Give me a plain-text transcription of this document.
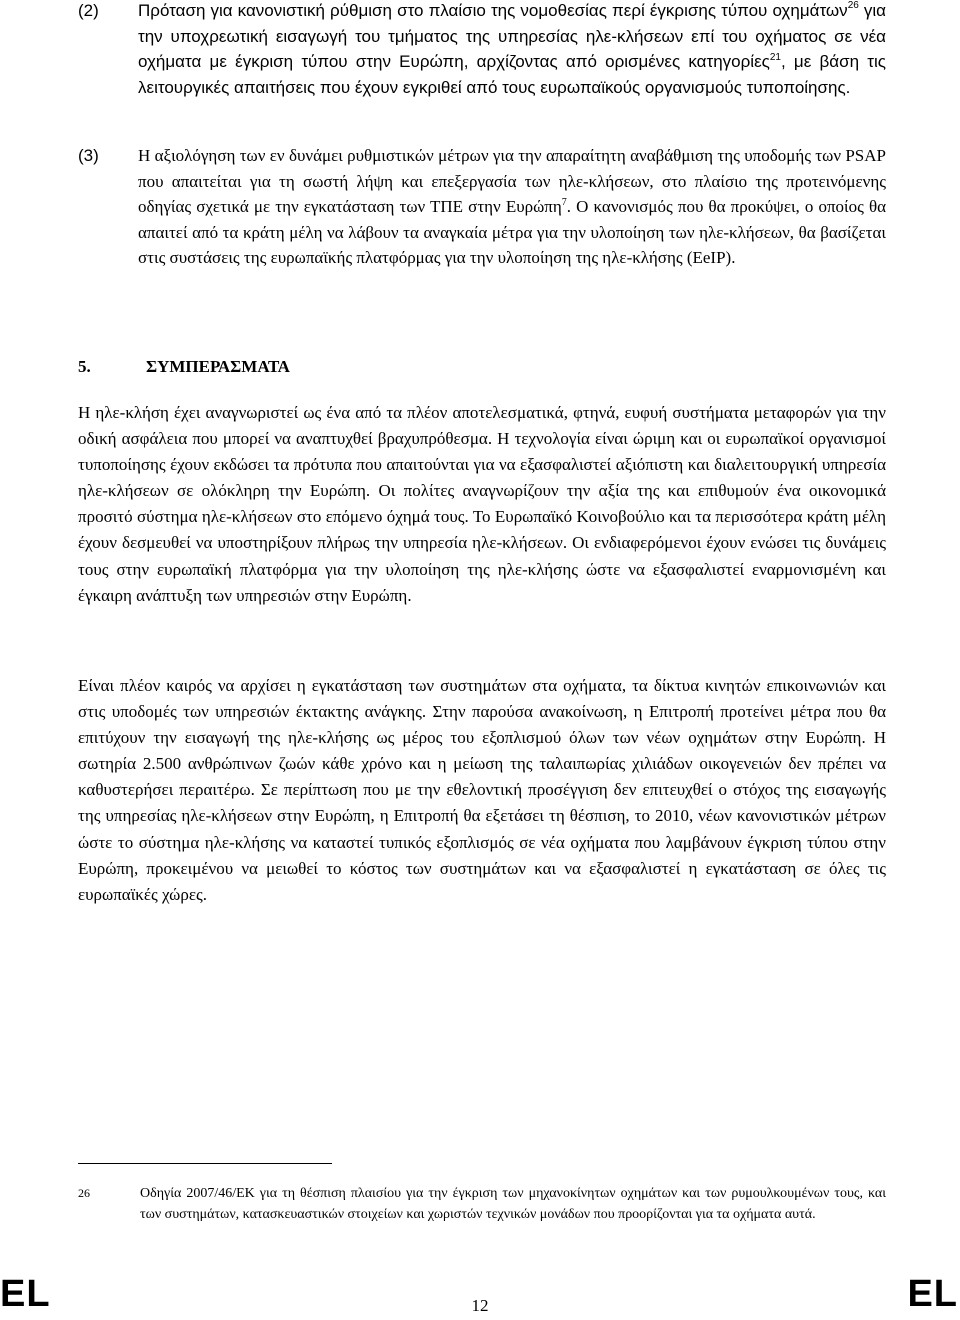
(2) Πρόταση για κανονιστική ρύθμιση στο πλαίσιο της νομοθεσίας περί έγκρισης τύπου οχημάτων$^{26}$ για την υποχρεωτική εισαγωγή του τμήματος της υπηρεσίας ηλε-κλήσεων επί του οχήματος σε νέα οχήματα με έγκριση τύπου στην Ευρώπη, αρχίζοντας από ορισμένες κατηγορίες$^{21}$, με βάση τις λειτουργικές απαιτήσεις που έχουν εγκριθεί από τους ευρωπαϊκούς οργανισμούς τυποποίησης.
(3) Η αξιολόγηση των εν δυνάμει ρυθμιστικών μέτρων για την απαραίτητη αναβάθμιση της υποδομής των PSAP που απαιτείται για τη σωστή λήψη και επεξεργασία των ηλε-κλήσεων, στο πλαίσιο της προτεινόμενης οδηγίας σχετικά με την εγκατάσταση των ΤΠΕ στην Ευρώπη$^7$. Ο κανονισμός που θα προκύψει, ο οποίος θα απαιτεί από τα κράτη μέλη να λάβουν τα αναγκαία μέτρα για την υλοποίηση των ηλε-κλήσεων, θα βασίζεται στις συστάσεις της ευρωπαϊκής πλατφόρμας για την υλοποίηση της ηλε-κλήσης (EeIP).
5.	ΣΥΜΠΕΡΑΣΜΑΤΑ

Η ηλε-κλήση έχει αναγνωριστεί ως ένα από τα πλέον αποτελεσματικά, φτηνά, ευφυή συστήματα μεταφορών για την οδική ασφάλεια που μπορεί να αναπτυχθεί βραχυπρόθεσμα. Η τεχνολογία είναι ώριμη και οι ευρωπαϊκοί οργανισμοί τυποποίησης έχουν εκδώσει τα πρότυπα που απαιτούνται για να εξασφαλιστεί αξιόπιστη και διαλειτουργική υπηρεσία ηλε-κλήσεων σε ολόκληρη την Ευρώπη. Οι πολίτες αναγνωρίζουν την αξία της και επιθυμούν ένα οικονομικά προσιτό σύστημα ηλε-κλήσεων στο επόμενο όχημά τους. Το Ευρωπαϊκό Κοινοβούλιο και τα περισσότερα κράτη μέλη έχουν δεσμευθεί να υποστηρίξουν πλήρως την υπηρεσία ηλε-κλήσεων. Οι ενδιαφερόμενοι έχουν ενώσει τις δυνάμεις τους στην ευρωπαϊκή πλατφόρμα για την υλοποίηση της ηλε-κλήσης ώστε να εξασφαλιστεί εναρμονισμένη και έγκαιρη ανάπτυξη των υπηρεσιών στην Ευρώπη.

Είναι πλέον καιρός να αρχίσει η εγκατάσταση των συστημάτων στα οχήματα, τα δίκτυα κινητών επικοινωνιών και στις υποδομές των υπηρεσιών έκτακτης ανάγκης. Στην παρούσα ανακοίνωση, η Επιτροπή προτείνει μέτρα που θα επιτύχουν την εισαγωγή της ηλε-κλήσης ως μέρος του εξοπλισμού όλων των νέων οχημάτων στην Ευρώπη. Η σωτηρία 2.500 ανθρώπινων ζωών κάθε χρόνο και η μείωση της ταλαιπωρίας χιλιάδων οικογενειών δεν πρέπει να καθυστερήσει περαιτέρω. Σε περίπτωση που με την εθελοντική προσέγγιση δεν επιτευχθεί ο στόχος της εισαγωγής της υπηρεσίας ηλε-κλήσεων στην Ευρώπη, η Επιτροπή θα εξετάσει τη θέσπιση, το 2010, νέων κανονιστικών μέτρων ώστε το σύστημα ηλε-κλήσης να καταστεί τυπικός εξοπλισμός σε νέα οχήματα που λαμβάνουν έγκριση τύπου στην Ευρώπη, προκειμένου να μειωθεί το κόστος των συστημάτων και να εξασφαλιστεί η εγκατάσταση σε όλες τις ευρωπαϊκές χώρες.

26	Οδηγία 2007/46/ΕΚ για τη θέσπιση πλαισίου για την έγκριση των μηχανοκίνητων οχημάτων και των ρυμουλκουμένων τους, και των συστημάτων, κατασκευαστικών στοιχείων και χωριστών τεχνικών μονάδων που προορίζονται για τα οχήματα αυτά.
EL	12	EL
